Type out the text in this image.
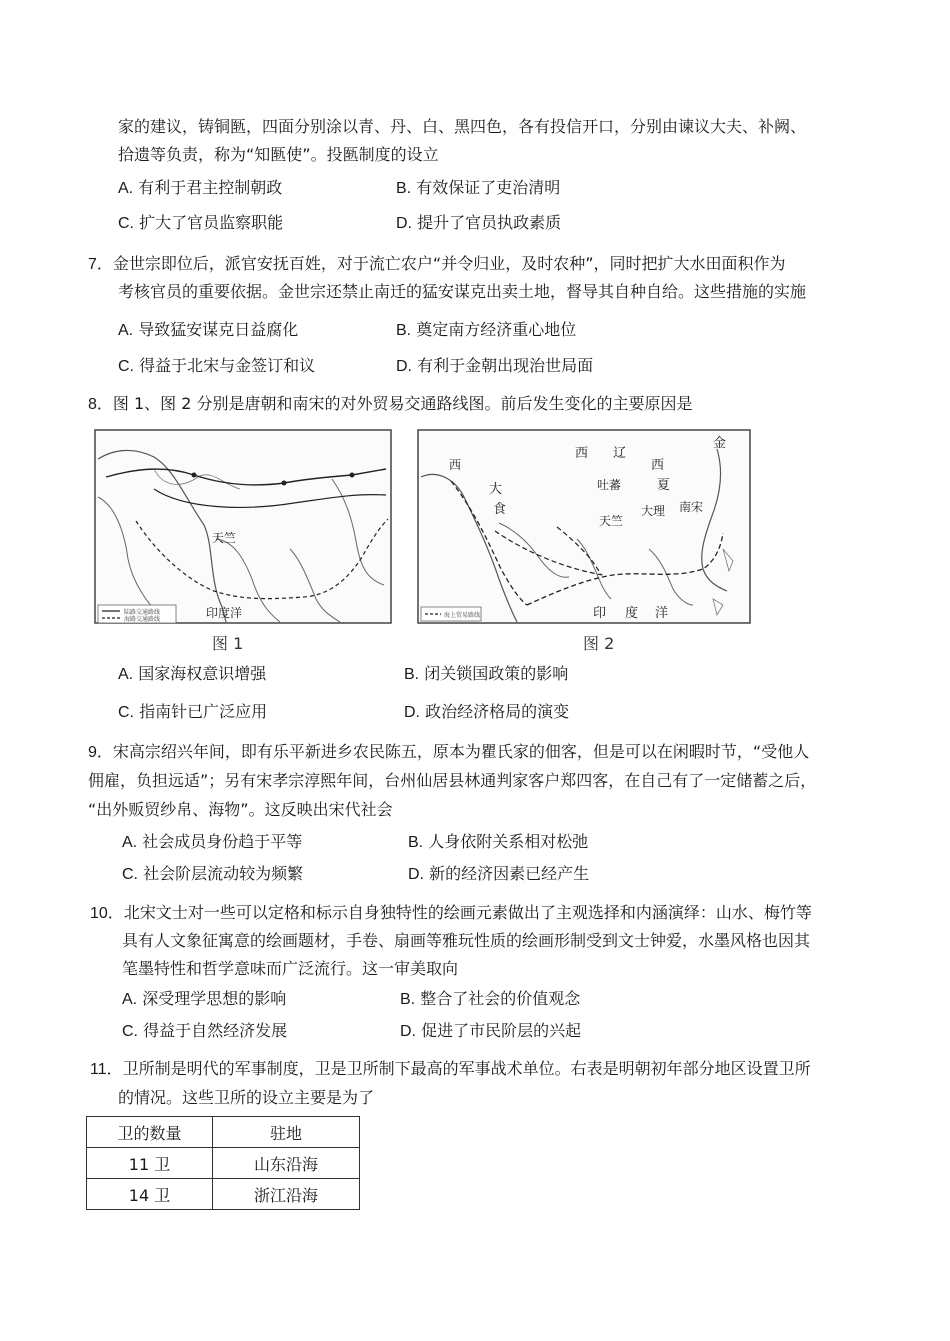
家的建议，铸铜匦，四面分别涂以青、丹、白、黑四色，各有投信开口，分别由谏议大夫、补阙、
拾遗等负责，称为“知匦使”。投匦制度的设立
A. 有利于君主控制朝政	B. 有效保证了吏治清明
C. 扩大了官员监察职能	D. 提升了官员执政素质
7．金世宗即位后，派官安抚百姓，对于流亡农户“并令归业，及时农种”，同时把扩大水田面积作为
考核官员的重要依据。金世宗还禁止南迁的猛安谋克出卖土地，督导其自种自给。这些措施的实施
A. 导致猛安谋克日益腐化	B. 奠定南方经济重心地位
C. 得益于北宋与金签订和议	D. 有利于金朝出现治世局面
8．图 1、图 2 分别是唐朝和南宋的对外贸易交通路线图。前后发生变化的主要原因是
天竺
印度洋
陆路交通路线
海路交通路线
图 1
西
西 辽
西
夏
金
大
食
吐蕃
天竺
大理 南宋
印 度 洋
海上贸易路线
图 2
A. 国家海权意识增强	B. 闭关锁国政策的影响
C. 指南针已广泛应用	D. 政治经济格局的演变
9．宋高宗绍兴年间，即有乐平新进乡农民陈五，原本为瞿氏家的佃客，但是可以在闲暇时节，“受他人
佣雇，负担远适”；另有宋孝宗淳熙年间，台州仙居县林通判家客户郑四客，在自己有了一定储蓄之后，
“出外贩贸纱帛、海物”。这反映出宋代社会
A. 社会成员身份趋于平等	B. 人身依附关系相对松弛
C. 社会阶层流动较为频繁	D. 新的经济因素已经产生
10．北宋文士对一些可以定格和标示自身独特性的绘画元素做出了主观选择和内涵演绎：山水、梅竹等
具有人文象征寓意的绘画题材，手卷、扇画等雅玩性质的绘画形制受到文士钟爱，水墨风格也因其
笔墨特性和哲学意味而广泛流行。这一审美取向
A. 深受理学思想的影响	B. 整合了社会的价值观念
C. 得益于自然经济发展	D. 促进了市民阶层的兴起
11．卫所制是明代的军事制度，卫是卫所制下最高的军事战术单位。右表是明朝初年部分地区设置卫所
的情况。这些卫所的设立主要是为了
卫的数量	驻地
11 卫	山东沿海
14 卫	浙江沿海
